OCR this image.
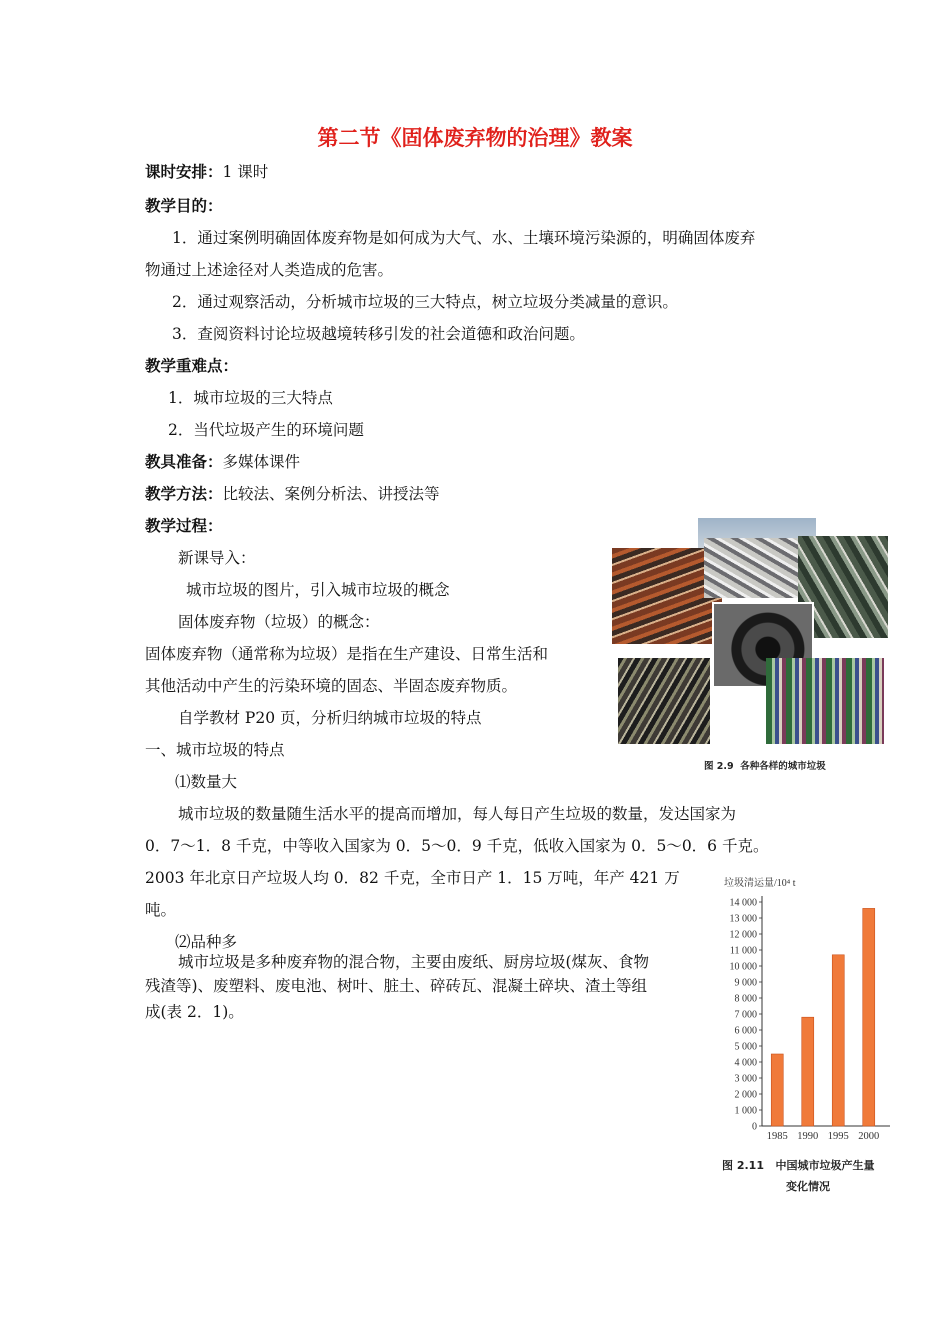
第二节《固体废弃物的治理》教案
课时安排：1 课时
教学目的：
1．通过案例明确固体废弃物是如何成为大气、水、土壤环境污染源的，明确固体废弃
物通过上述途径对人类造成的危害。
2．通过观察活动，分析城市垃圾的三大特点，树立垃圾分类减量的意识。
3．查阅资料讨论垃圾越境转移引发的社会道德和政治问题。
教学重难点：
1．城市垃圾的三大特点
2．当代垃圾产生的环境问题
教具准备：多媒体课件
教学方法：比较法、案例分析法、讲授法等
教学过程：
新课导入：
城市垃圾的图片，引入城市垃圾的概念
固体废弃物（垃圾）的概念：
固体废弃物（通常称为垃圾）是指在生产建设、日常生活和
其他活动中产生的污染环境的固态、半固态废弃物质。
自学教材 P20 页，分析归纳城市垃圾的特点
一、城市垃圾的特点
⑴数量大
城市垃圾的数量随生活水平的提高而增加，每人每日产生垃圾的数量，发达国家为
0．7～1．8 千克，中等收入国家为 0．5～0．9 千克，低收入国家为 0．5～0．6 千克。
2003 年北京日产垃圾人均 0．82 千克，全市日产 1．15 万吨，年产 421 万
吨。
⑵品种多
城市垃圾是多种废弃物的混合物，主要由废纸、厨房垃圾(煤灰、食物
残渣等)、废塑料、废电池、树叶、脏土、碎砖瓦、混凝土碎块、渣土等组
成(表 2．1)。
图 2.9 各种各样的城市垃圾
垃圾清运量/10⁴ t
0
1 000
2 000
3 000
4 000
5 000
6 000
7 000
8 000
9 000
10 000
11 000
12 000
13 000
14 000
1985 1990 1995 2000
图 2.11 中国城市垃圾产生量
变化情况
